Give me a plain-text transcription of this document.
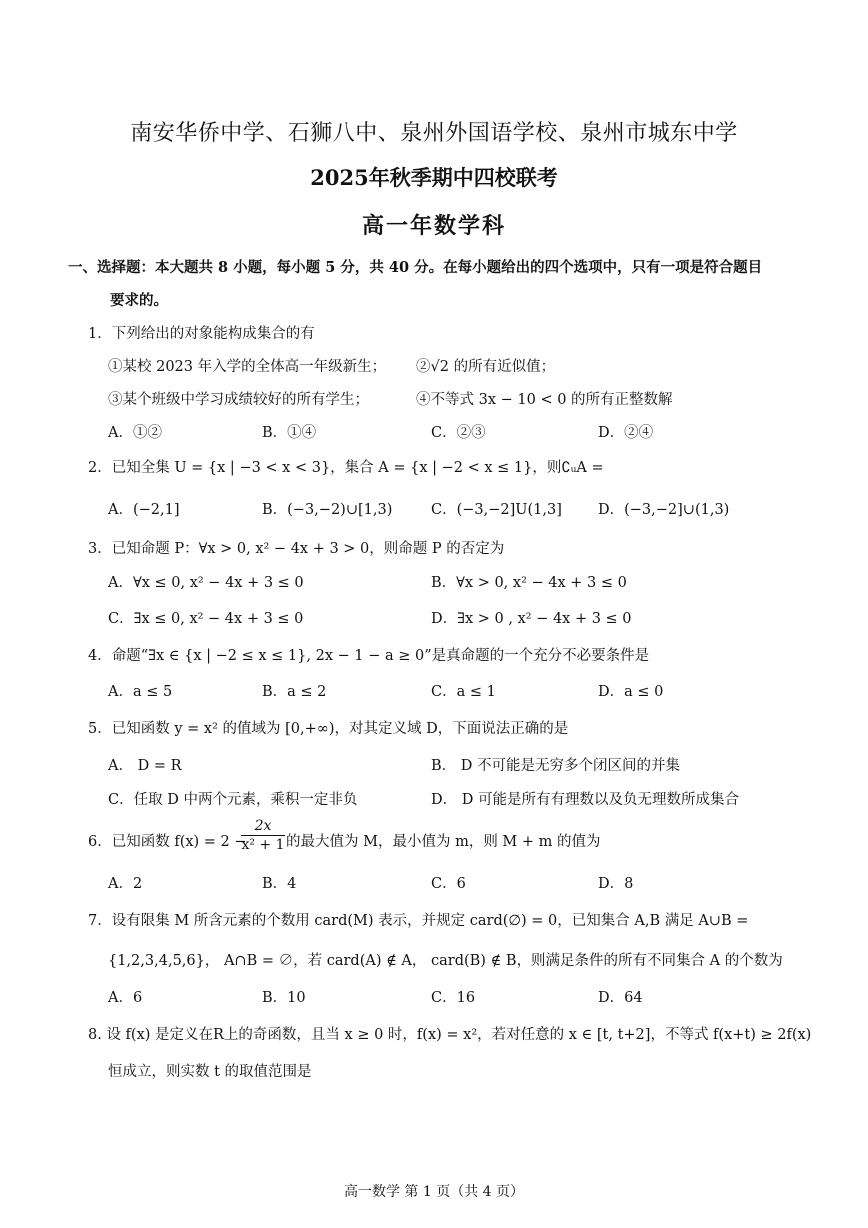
南安华侨中学、石狮八中、泉州外国语学校、泉州市城东中学
2025年秋季期中四校联考
高一年数学科
一、选择题：本大题共 8 小题，每小题 5 分，共 40 分。在每小题给出的四个选项中，只有一项是符合题目
要求的。
1．下列给出的对象能构成集合的有
①某校 2023 年入学的全体高一年级新生； ②√2 的所有近似值；
③某个班级中学习成绩较好的所有学生；	④不等式 3x − 10 < 0 的所有正整数解
A．①②	B．①④	C．②③	D．②④
2．已知全集 U = {x | −3 < x < 3}，集合 A = {x | −2 < x ≤ 1}，则∁ᵤA =
A．(−2,1]	B．(−3,−2)∪[1,3)	C．(−3,−2]U(1,3] D．(−3,−2]∪(1,3)
3．已知命题 P：∀x > 0, x² − 4x + 3 > 0，则命题 P 的否定为
A．∀x ≤ 0, x² − 4x + 3 ≤ 0	B．∀x > 0, x² − 4x + 3 ≤ 0
C．∃x ≤ 0, x² − 4x + 3 ≤ 0	D．∃x > 0 , x² − 4x + 3 ≤ 0
4．命题“∃x ∈ {x | −2 ≤ x ≤ 1}, 2x − 1 − a ≥ 0”是真命题的一个充分不必要条件是
A．a ≤ 5	B．a ≤ 2	C．a ≤ 1	D．a ≤ 0
5．已知函数 y = x² 的值域为 [0,+∞)，对其定义域 D，下面说法正确的是
A． D = R	B． D 不可能是无穷多个闭区间的并集
C．任取 D 中两个元素，乘积一定非负	D． D 可能是所有有理数以及负无理数所成集合
6．已知函数 f(x) = 2 −
$\frac{2x}{\text{x² + 1}}$ 的最大值为 M，最小值为 m，则 M + m 的值为
A．2	B．4	C．6	D．8
7．设有限集 M 所含元素的个数用 card(M) 表示，并规定 card(∅) = 0，已知集合 A,B 满足 A∪B =
{1,2,3,4,5,6}， A∩B = ∅，若 card(A) ∉ A， card(B) ∉ B，则满足条件的所有不同集合 A 的个数为
A．6	B．10	C．16	D．64
8. 设 f(x) 是定义在R上的奇函数，且当 x ≥ 0 时，f(x) = x²，若对任意的 x ∈ [t, t+2]，不等式 f(x+t) ≥ 2f(x)
恒成立，则实数 t 的取值范围是
高一数学 第 1 页（共 4 页）
